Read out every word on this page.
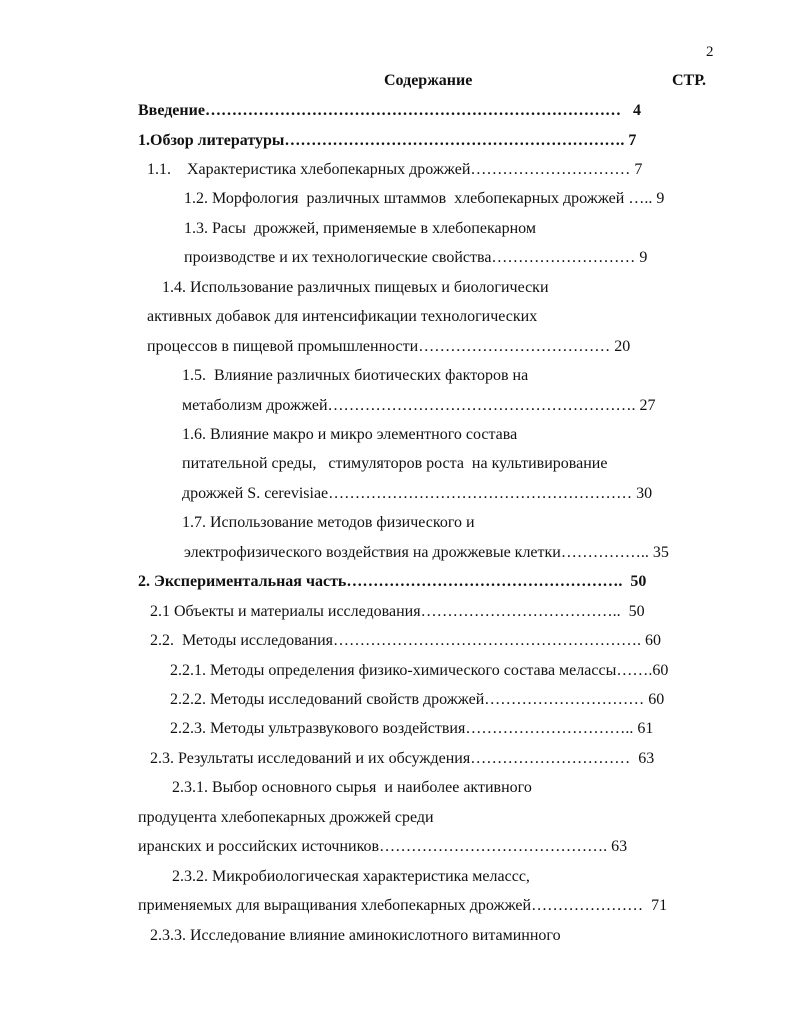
2
Содержание	СТР.
Введение……………………………………………………………………   4
1.Обзор литературы………………………………………………………. 7
1.1.    Характеристика хлебопекарных дрожжей………………………… 7
1.2. Морфология  различных штаммов  хлебопекарных дрожжей ….. 9
1.3. Расы  дрожжей, применяемые в хлебопекарном
производстве и их технологические свойства……………………… 9
1.4. Использование различных пищевых и биологически
активных добавок для интенсификации технологических
процессов в пищевой промышленности……………………………… 20
1.5.  Влияние различных биотических факторов на
метаболизм дрожжей…………………………………………………. 27
1.6. Влияние макро и микро элементного состава
питательной среды,   стимуляторов роста  на культивирование
дрожжей S. cerevisiae………………………………………………… 30
1.7. Использование методов физического и
электрофизического воздействия на дрожжевые клетки…………….. 35
2. Экспериментальная часть…………………………………………….  50
2.1 Объекты и материалы исследования………………………………..  50
2.2.  Методы исследования…………………………………………………. 60
2.2.1. Методы определения физико-химического состава мелассы…….60
2.2.2. Методы исследований свойств дрожжей………………………… 60
2.2.3. Методы ультразвукового воздействия………………………….. 61
2.3. Результаты исследований и их обсуждения…………………………  63
2.3.1. Выбор основного сырья  и наиболее активного
продуцента хлебопекарных дрожжей среди
иранских и российских источников……………………………………. 63
2.3.2. Микробиологическая характеристика мелассс,
применяемых для выращивания хлебопекарных дрожжей…………………  71
2.3.3. Исследование влияние аминокислотного витаминного
